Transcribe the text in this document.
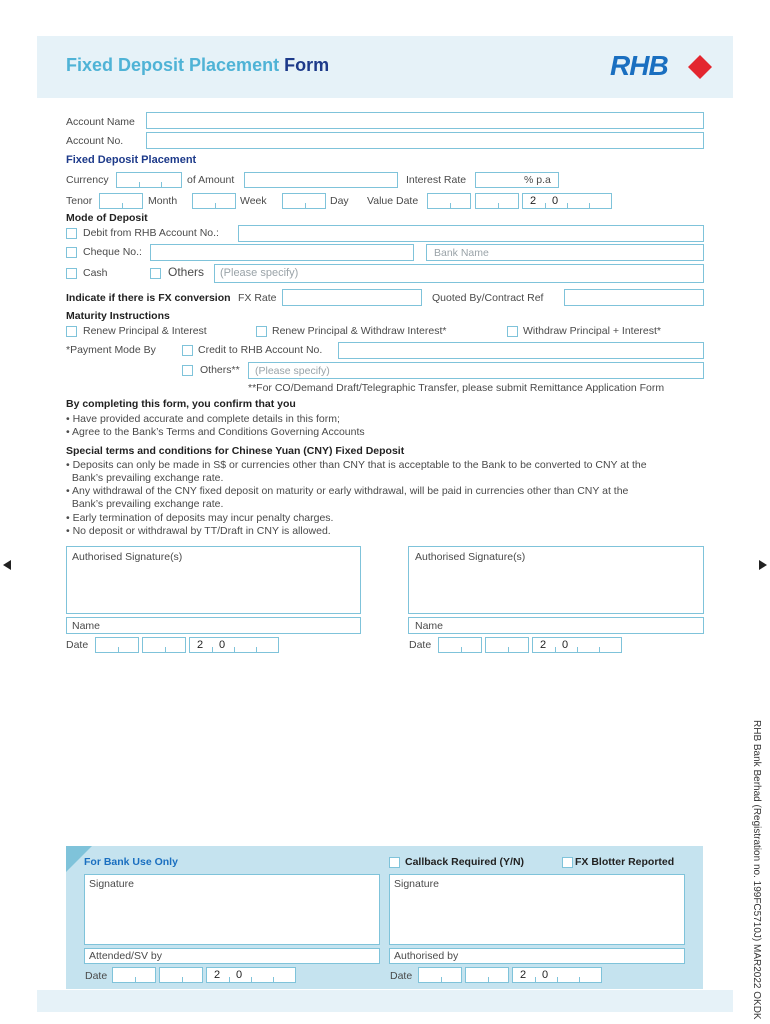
Fixed Deposit Placement Form	RHB
Account Name
Account No.
Fixed Deposit Placement
Currency	of Amount	Interest Rate	% p.a
Tenor	Month	Week	Day Value Date	2 0
Mode of Deposit
Debit from RHB Account No.:
Cheque No.:	Bank Name
Cash	Others (Please specify)
Indicate if there is FX conversion FX Rate	Quoted By/Contract Ref
Maturity Instructions
Renew Principal & Interest	Renew Principal & Withdraw Interest*	Withdraw Principal + Interest*
*Payment Mode By	Credit to RHB Account No.
Others** (Please specify)
**For CO/Demand Draft/Telegraphic Transfer, please submit Remittance Application Form
By completing this form, you confirm that you
• Have provided accurate and complete details in this form;
• Agree to the Bank’s Terms and Conditions Governing Accounts
Special terms and conditions for Chinese Yuan (CNY) Fixed Deposit
• Deposits can only be made in S$ or currencies other than CNY that is acceptable to the Bank to be converted to CNY at the
Bank’s prevailing exchange rate.
• Any withdrawal of the CNY fixed deposit on maturity or early withdrawal, will be paid in currencies other than CNY at the
Bank’s prevailing exchange rate.
• Early termination of deposits may incur penalty charges.
• No deposit or withdrawal by TT/Draft in CNY is allowed.
Authorised Signature(s)
Name
Date	2 0
Authorised Signature(s)
Name
Date	2 0
RHB Bank Berhad (Registration no. 199FC5710J) MAR2022 OKDK
For Bank Use Only	Callback Required (Y/N)	FX Blotter Reported
Signature	Signature
Attended/SV by	Authorised by
Date	2 0	Date	2 0
